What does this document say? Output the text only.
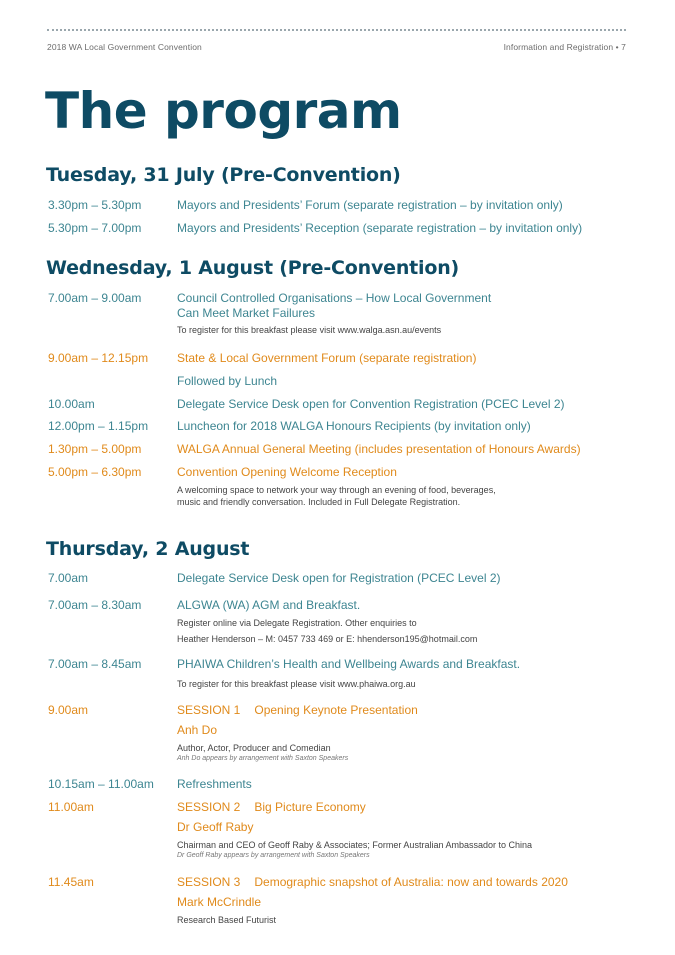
2018 WA Local Government Convention	Information and Registration • 7
The program
Tuesday, 31 July (Pre-Convention)
3.30pm – 5.30pm	Mayors and Presidents’ Forum (separate registration – by invitation only)
5.30pm – 7.00pm	Mayors and Presidents’ Reception (separate registration – by invitation only)
Wednesday, 1 August (Pre-Convention)
7.00am – 9.00am	Council Controlled Organisations – How Local Government
Can Meet Market Failures
To register for this breakfast please visit www.walga.asn.au/events
9.00am – 12.15pm State & Local Government Forum (separate registration)
Followed by Lunch
10.00am	Delegate Service Desk open for Convention Registration (PCEC Level 2)
12.00pm – 1.15pm Luncheon for 2018 WALGA Honours Recipients (by invitation only)
1.30pm – 5.00pm	WALGA Annual General Meeting (includes presentation of Honours Awards)
5.00pm – 6.30pm	Convention Opening Welcome Reception
A welcoming space to network your way through an evening of food, beverages,
music and friendly conversation. Included in Full Delegate Registration.
Thursday, 2 August
7.00am	Delegate Service Desk open for Registration (PCEC Level 2)
7.00am – 8.30am	ALGWA (WA) AGM and Breakfast.
Register online via Delegate Registration. Other enquiries to
Heather Henderson – M: 0457 733 469 or E: hhenderson195@hotmail.com
7.00am – 8.45am	PHAIWA Children’s Health and Wellbeing Awards and Breakfast.
To register for this breakfast please visit www.phaiwa.org.au
9.00am	SESSION 1 Opening Keynote Presentation
Anh Do
Author, Actor, Producer and Comedian
Anh Do appears by arrangement with Saxton Speakers
10.15am – 11.00am Refreshments
11.00am	SESSION 2 Big Picture Economy
Dr Geoff Raby
Chairman and CEO of Geoff Raby & Associates; Former Australian Ambassador to China
Dr Geoff Raby appears by arrangement with Saxton Speakers
11.45am	SESSION 3 Demographic snapshot of Australia: now and towards 2020
Mark McCrindle
Research Based Futurist
